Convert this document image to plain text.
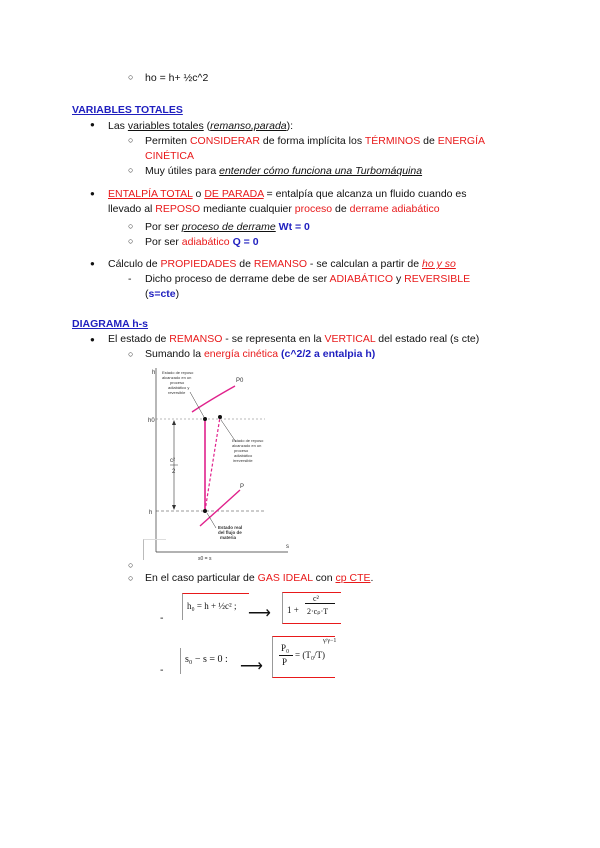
○ ho = h+ ½c^2
VARIABLES TOTALES
● Las variables totales (remanso,parada):
○ Permiten CONSIDERAR de forma implícita los TÉRMINOS de ENERGÍA
CINÉTICA
○ Muy útiles para entender cómo funciona una Turbomáquina
● ENTALPÍA TOTAL o DE PARADA = entalpía que alcanza un fluido cuando es
llevado al REPOSO mediante cualquier proceso de derrame adiabático
○ Por ser proceso de derrame Wt = 0
○ Por ser adiabático Q = 0
● Cálculo de PROPIEDADES de REMANSO - se calculan a partir de ho y so
- Dicho proceso de derrame debe de ser ADIABÁTICO y REVERSIBLE
(s=cte)
DIAGRAMA h-s
● El estado de REMANSO - se representa en la VERTICAL del estado real (s cte)
○ Sumando la energía cinética (c^2/2 a entalpia h)
h
s
h0
h
c²
2
P0
P
Estado de reposo alcanzado en un proceso adiabático y reversible
Estado de reposo alcanzado en un proceso adiabático irreversible
Estado real del flujo de materia
s0 = s
○
○ En el caso particular de GAS IDEAL con cp CTE.
-
h₀ = h + ½c² ; ⟶ 1 +
c²
2·cₚ·T
-
s₀ − s = 0 : ⟶
P₀
P
= (T₀/T)
γ/γ−1
